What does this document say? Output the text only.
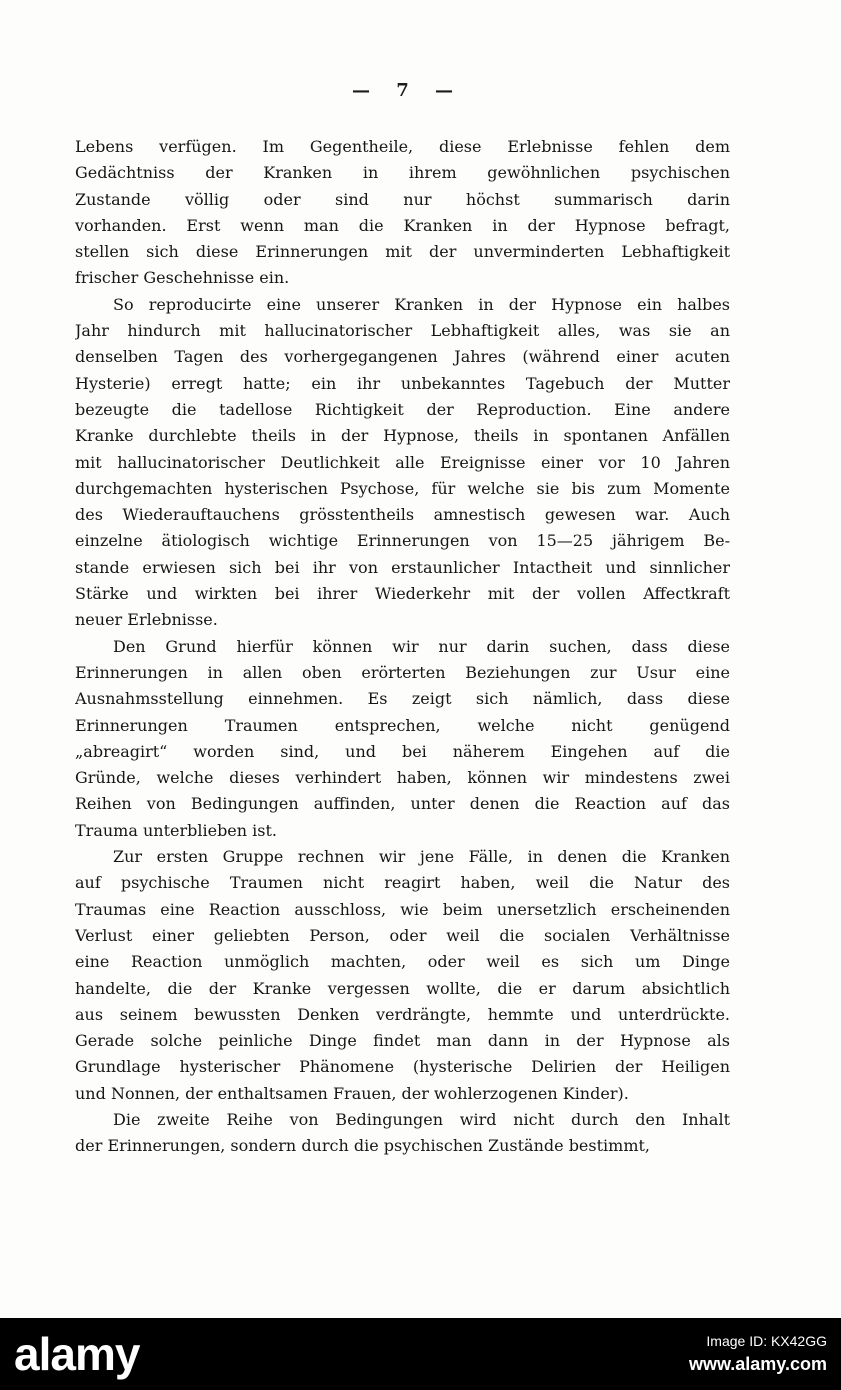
— 7 —
Lebens verfügen. Im Gegentheile, diese Erlebnisse fehlen dem
Gedächtniss der Kranken in ihrem gewöhnlichen psychischen
Zustande völlig oder sind nur höchst summarisch darin
vorhanden. Erst wenn man die Kranken in der Hypnose befragt,
stellen sich diese Erinnerungen mit der unverminderten Lebhaftigkeit
frischer Geschehnisse ein.
So reproducirte eine unserer Kranken in der Hypnose ein halbes
Jahr hindurch mit hallucinatorischer Lebhaftigkeit alles, was sie an
denselben Tagen des vorhergegangenen Jahres (während einer acuten
Hysterie) erregt hatte; ein ihr unbekanntes Tagebuch der Mutter
bezeugte die tadellose Richtigkeit der Reproduction. Eine andere
Kranke durchlebte theils in der Hypnose, theils in spontanen Anfällen
mit hallucinatorischer Deutlichkeit alle Ereignisse einer vor 10 Jahren
durchgemachten hysterischen Psychose, für welche sie bis zum Momente
des Wiederauftauchens grösstentheils amnestisch gewesen war. Auch
einzelne ätiologisch wichtige Erinnerungen von 15—25 jährigem Be-
stande erwiesen sich bei ihr von erstaunlicher Intactheit und sinnlicher
Stärke und wirkten bei ihrer Wiederkehr mit der vollen Affectkraft
neuer Erlebnisse.
Den Grund hierfür können wir nur darin suchen, dass diese
Erinnerungen in allen oben erörterten Beziehungen zur Usur eine
Ausnahmsstellung einnehmen. Es zeigt sich nämlich, dass diese
Erinnerungen Traumen entsprechen, welche nicht genügend
„abreagirt“ worden sind, und bei näherem Eingehen auf die
Gründe, welche dieses verhindert haben, können wir mindestens zwei
Reihen von Bedingungen auffinden, unter denen die Reaction auf das
Trauma unterblieben ist.
Zur ersten Gruppe rechnen wir jene Fälle, in denen die Kranken
auf psychische Traumen nicht reagirt haben, weil die Natur des
Traumas eine Reaction ausschloss, wie beim unersetzlich erscheinenden
Verlust einer geliebten Person, oder weil die socialen Verhältnisse
eine Reaction unmöglich machten, oder weil es sich um Dinge
handelte, die der Kranke vergessen wollte, die er darum absichtlich
aus seinem bewussten Denken verdrängte, hemmte und unterdrückte.
Gerade solche peinliche Dinge findet man dann in der Hypnose als
Grundlage hysterischer Phänomene (hysterische Delirien der Heiligen
und Nonnen, der enthaltsamen Frauen, der wohlerzogenen Kinder).
Die zweite Reihe von Bedingungen wird nicht durch den Inhalt
der Erinnerungen, sondern durch die psychischen Zustände bestimmt,
alamy	Image ID: KX42GG
www.alamy.com
